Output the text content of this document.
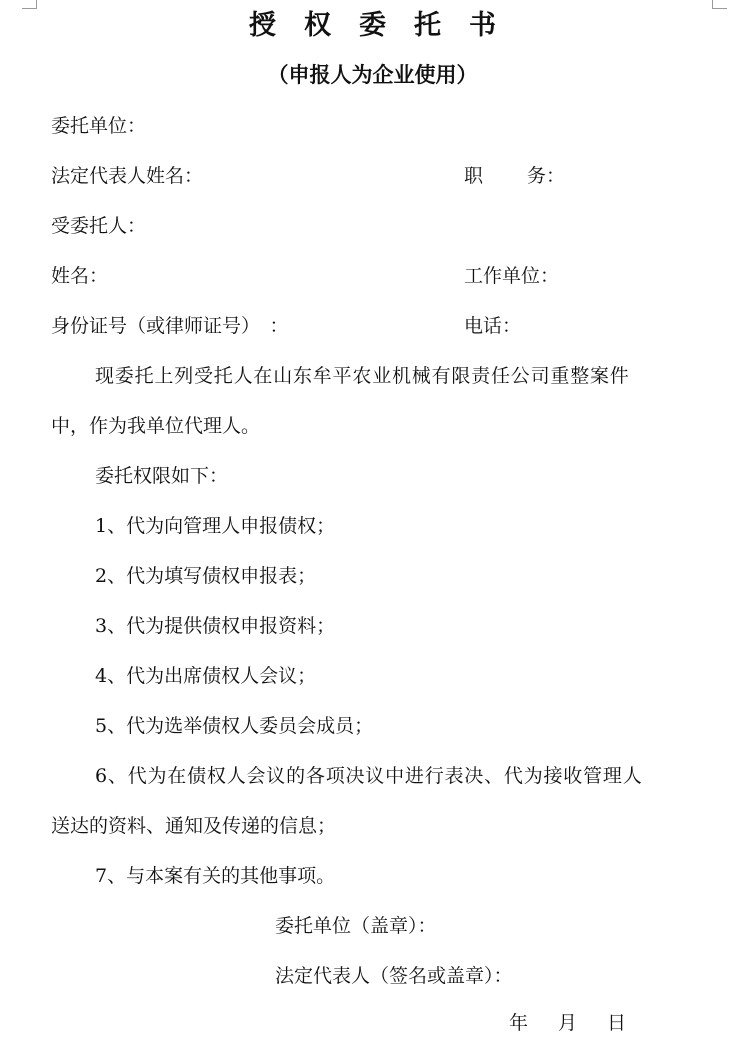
授权委托书
（申报人为企业使用）
委托单位：
法定代表人姓名：	职 务：
受委托人：
姓名：	工作单位：
身份证号（或律师证号）　：	电话：
现委托上列受托人在山东牟平农业机械有限责任公司重整案件
中，作为我单位代理人。
委托权限如下：
1、代为向管理人申报债权；
2、代为填写债权申报表；
3、代为提供债权申报资料；
4、代为出席债权人会议；
5、代为选举债权人委员会成员；
6、代为在债权人会议的各项决议中进行表决、代为接收管理人
送达的资料、通知及传递的信息；
7、与本案有关的其他事项。
委托单位（盖章）：
法定代表人（签名或盖章）：
年 月 日
